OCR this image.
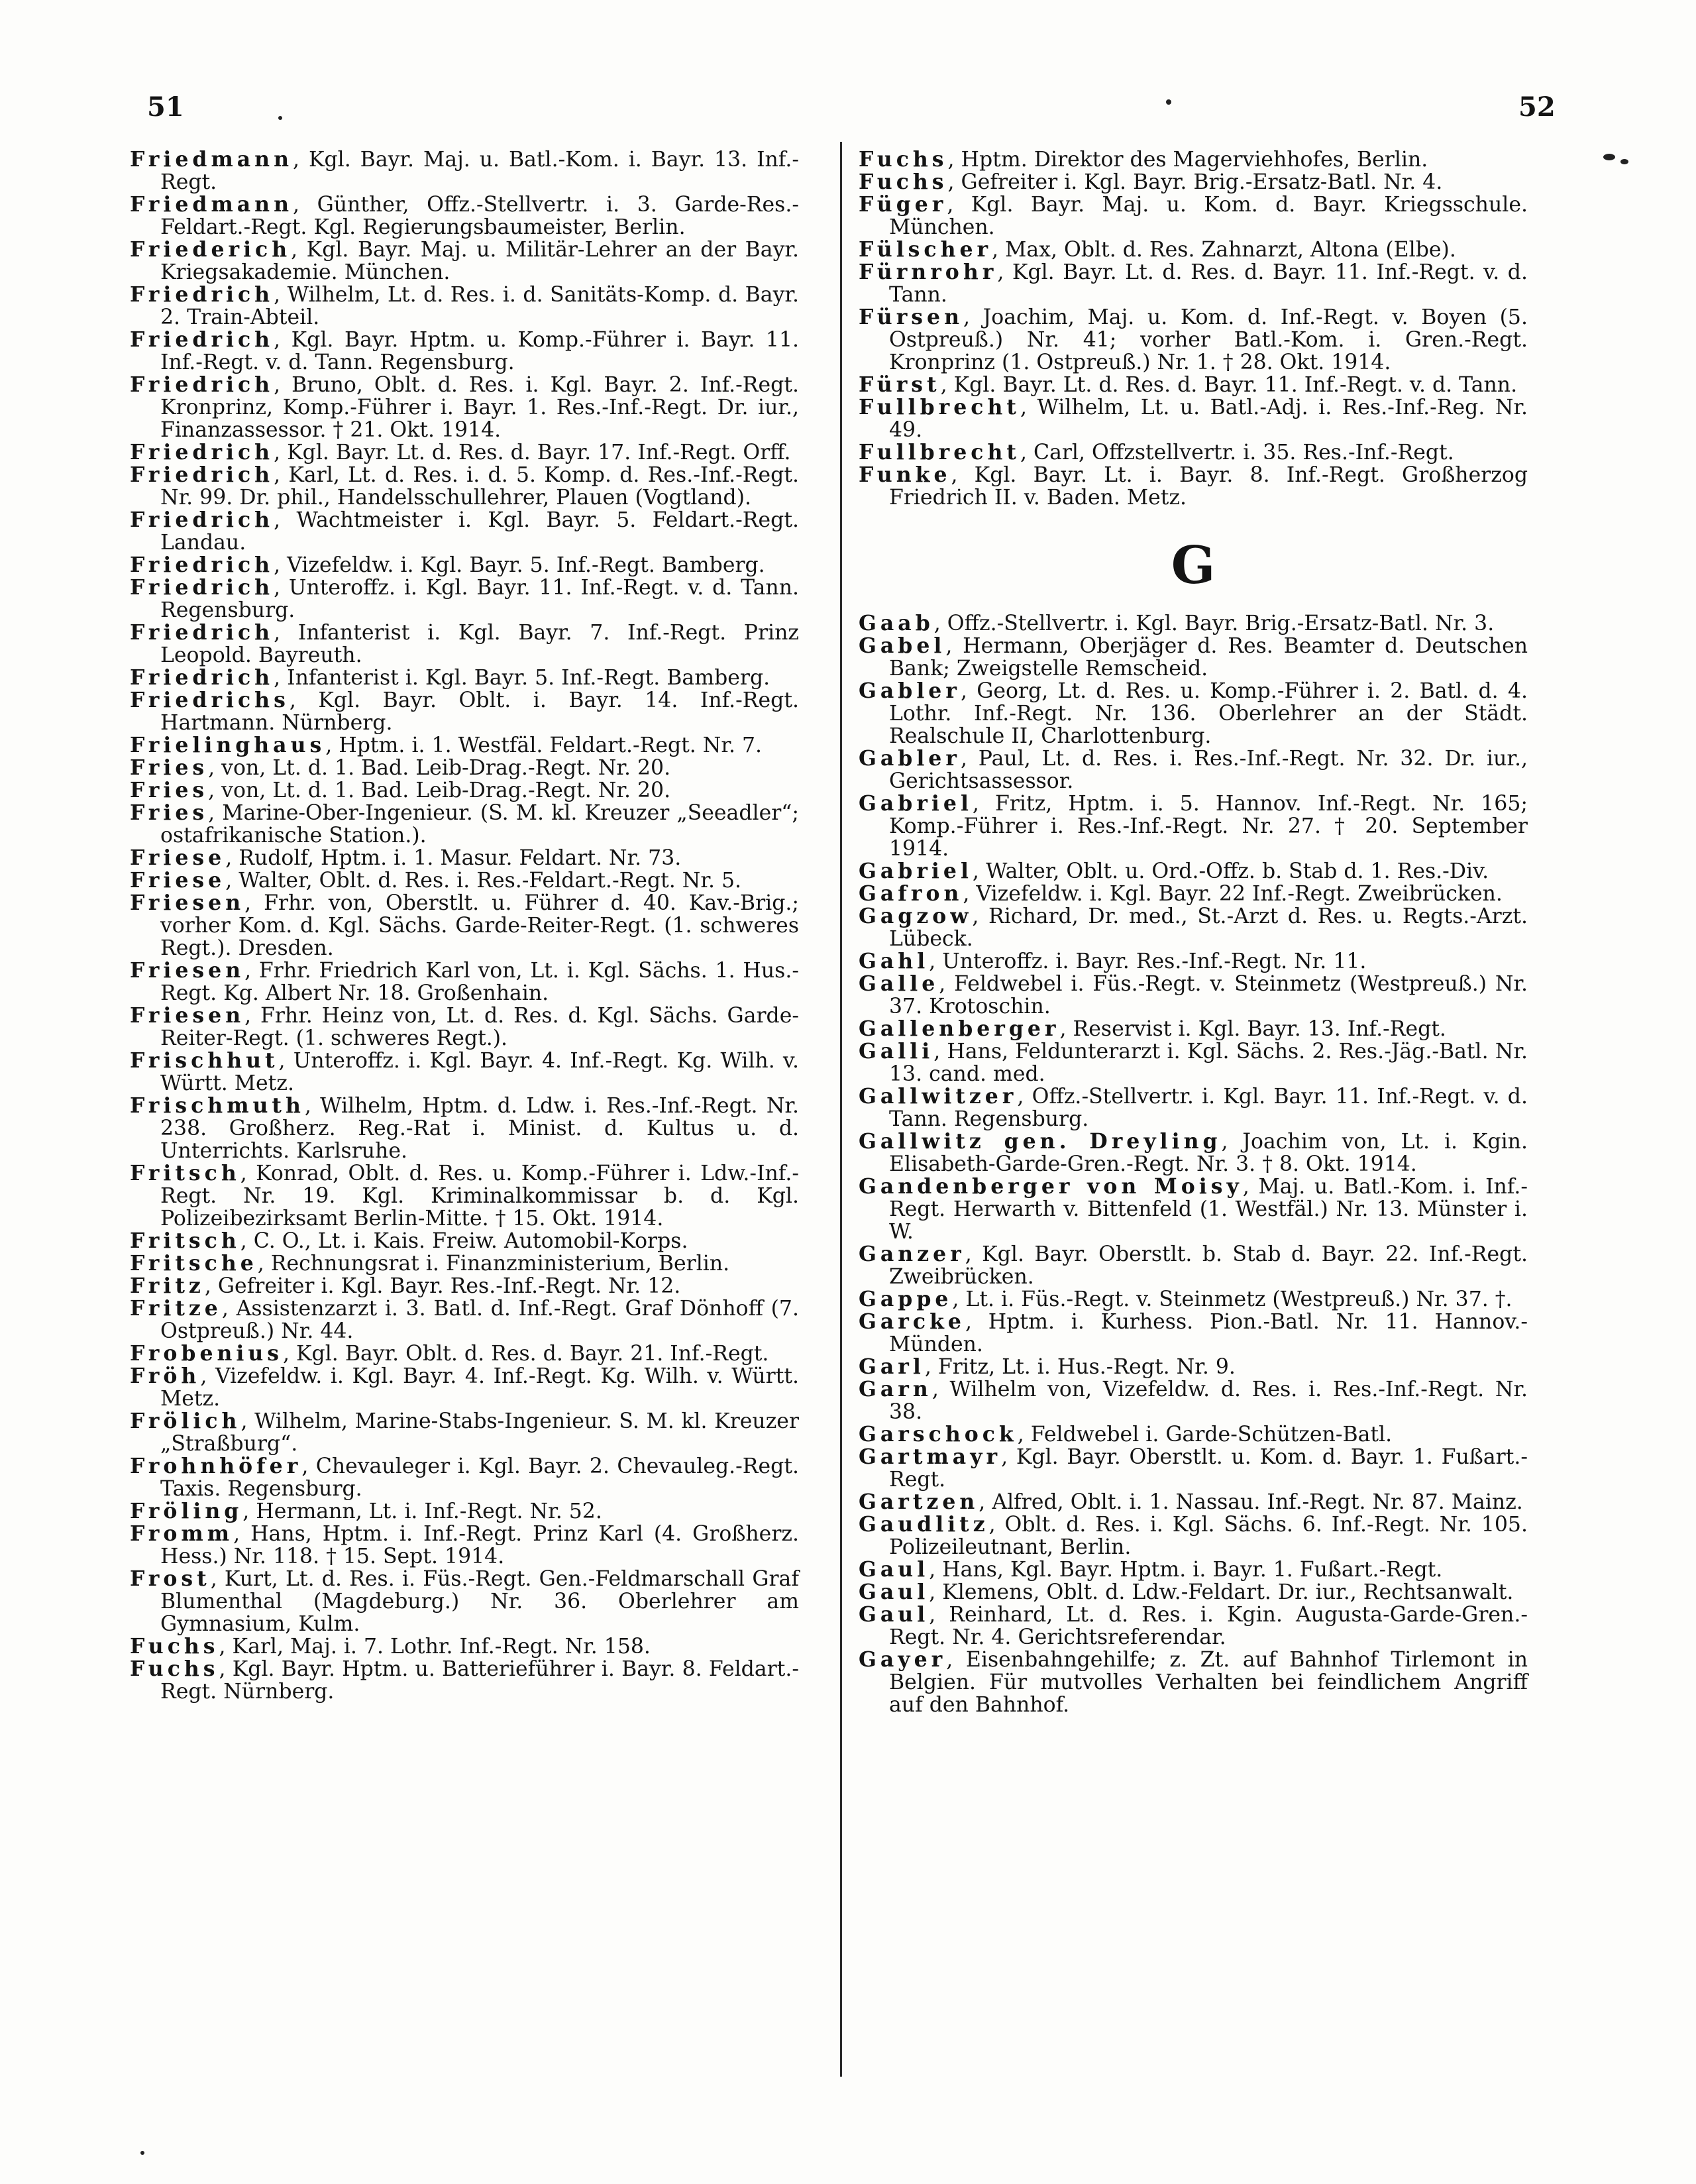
51	52

Friedmann, Kgl. Bayr. Maj. u. Batl.-Kom. i. Bayr. 13. Inf.-Regt.

Friedmann, Günther, Offz.-Stellvertr. i. 3. Garde-Res.-Feldart.-Regt. Kgl. Regierungsbaumeister, Berlin.

Friederich, Kgl. Bayr. Maj. u. Militär-Lehrer an der Bayr. Kriegsakademie. München.

Friedrich, Wilhelm, Lt. d. Res. i. d. Sanitäts-Komp. d. Bayr. 2. Train-Abteil.

Friedrich, Kgl. Bayr. Hptm. u. Komp.-Führer i. Bayr. 11. Inf.-Regt. v. d. Tann. Regensburg.

Friedrich, Bruno, Oblt. d. Res. i. Kgl. Bayr. 2. Inf.-Regt. Kronprinz, Komp.-Führer i. Bayr. 1. Res.-Inf.-Regt. Dr. iur., Finanzassessor. † 21. Okt. 1914.

Friedrich, Kgl. Bayr. Lt. d. Res. d. Bayr. 17. Inf.-Regt. Orff.

Friedrich, Karl, Lt. d. Res. i. d. 5. Komp. d. Res.-Inf.-Regt. Nr. 99. Dr. phil., Handelsschullehrer, Plauen (Vogtland).

Friedrich, Wachtmeister i. Kgl. Bayr. 5. Feldart.-Regt. Landau.

Friedrich, Vizefeldw. i. Kgl. Bayr. 5. Inf.-Regt. Bamberg.

Friedrich, Unteroffz. i. Kgl. Bayr. 11. Inf.-Regt. v. d. Tann. Regensburg.

Friedrich, Infanterist i. Kgl. Bayr. 7. Inf.-Regt. Prinz Leopold. Bayreuth.

Friedrich, Infanterist i. Kgl. Bayr. 5. Inf.-Regt. Bamberg.

Friedrichs, Kgl. Bayr. Oblt. i. Bayr. 14. Inf.-Regt. Hartmann. Nürnberg.

Frielinghaus, Hptm. i. 1. Westfäl. Feldart.-Regt. Nr. 7.

Fries, von, Lt. d. 1. Bad. Leib-Drag.-Regt. Nr. 20.

Fries, von, Lt. d. 1. Bad. Leib-Drag.-Regt. Nr. 20.

Fries, Marine-Ober-Ingenieur. (S. M. kl. Kreuzer „Seeadler“; ostafrikanische Station.).

Friese, Rudolf, Hptm. i. 1. Masur. Feldart. Nr. 73.

Friese, Walter, Oblt. d. Res. i. Res.-Feldart.-Regt. Nr. 5.

Friesen, Frhr. von, Oberstlt. u. Führer d. 40. Kav.-Brig.; vorher Kom. d. Kgl. Sächs. Garde-Reiter-Regt. (1. schweres Regt.). Dresden.

Friesen, Frhr. Friedrich Karl von, Lt. i. Kgl. Sächs. 1. Hus.-Regt. Kg. Albert Nr. 18. Großenhain.

Friesen, Frhr. Heinz von, Lt. d. Res. d. Kgl. Sächs. Garde-Reiter-Regt. (1. schweres Regt.).

Frischhut, Unteroffz. i. Kgl. Bayr. 4. Inf.-Regt. Kg. Wilh. v. Württ. Metz.

Frischmuth, Wilhelm, Hptm. d. Ldw. i. Res.-Inf.-Regt. Nr. 238. Großherz. Reg.-Rat i. Minist. d. Kultus u. d. Unterrichts. Karlsruhe.

Fritsch, Konrad, Oblt. d. Res. u. Komp.-Führer i. Ldw.-Inf.-Regt. Nr. 19. Kgl. Kriminalkommissar b. d. Kgl. Polizeibezirksamt Berlin-Mitte. † 15. Okt. 1914.

Fritsch, C. O., Lt. i. Kais. Freiw. Automobil-Korps.

Fritsche, Rechnungsrat i. Finanzministerium, Berlin.

Fritz, Gefreiter i. Kgl. Bayr. Res.-Inf.-Regt. Nr. 12.

Fritze, Assistenzarzt i. 3. Batl. d. Inf.-Regt. Graf Dönhoff (7. Ostpreuß.) Nr. 44.

Frobenius, Kgl. Bayr. Oblt. d. Res. d. Bayr. 21. Inf.-Regt.

Fröh, Vizefeldw. i. Kgl. Bayr. 4. Inf.-Regt. Kg. Wilh. v. Württ. Metz.

Frölich, Wilhelm, Marine-Stabs-Ingenieur. S. M. kl. Kreuzer „Straßburg“.

Frohnhöfer, Chevauleger i. Kgl. Bayr. 2. Chevauleg.-Regt. Taxis. Regensburg.

Fröling, Hermann, Lt. i. Inf.-Regt. Nr. 52.

Fromm, Hans, Hptm. i. Inf.-Regt. Prinz Karl (4. Großherz. Hess.) Nr. 118. † 15. Sept. 1914.

Frost, Kurt, Lt. d. Res. i. Füs.-Regt. Gen.-Feldmarschall Graf Blumenthal (Magdeburg.) Nr. 36. Oberlehrer am Gymnasium, Kulm.

Fuchs, Karl, Maj. i. 7. Lothr. Inf.-Regt. Nr. 158.

Fuchs, Kgl. Bayr. Hptm. u. Batterieführer i. Bayr. 8. Feldart.-Regt. Nürnberg.

Fuchs, Hptm. Direktor des Magerviehhofes, Berlin.

Fuchs, Gefreiter i. Kgl. Bayr. Brig.-Ersatz-Batl. Nr. 4.

Füger, Kgl. Bayr. Maj. u. Kom. d. Bayr. Kriegsschule. München.

Fülscher, Max, Oblt. d. Res. Zahnarzt, Altona (Elbe).

Fürnrohr, Kgl. Bayr. Lt. d. Res. d. Bayr. 11. Inf.-Regt. v. d. Tann.

Fürsen, Joachim, Maj. u. Kom. d. Inf.-Regt. v. Boyen (5. Ostpreuß.) Nr. 41; vorher Batl.-Kom. i. Gren.-Regt. Kronprinz (1. Ostpreuß.) Nr. 1. † 28. Okt. 1914.

Fürst, Kgl. Bayr. Lt. d. Res. d. Bayr. 11. Inf.-Regt. v. d. Tann.

Fullbrecht, Wilhelm, Lt. u. Batl.-Adj. i. Res.-Inf.-Reg. Nr. 49.

Fullbrecht, Carl, Offzstellvertr. i. 35. Res.-Inf.-Regt.

Funke, Kgl. Bayr. Lt. i. Bayr. 8. Inf.-Regt. Großherzog Friedrich II. v. Baden. Metz.

G

Gaab, Offz.-Stellvertr. i. Kgl. Bayr. Brig.-Ersatz-Batl. Nr. 3.

Gabel, Hermann, Oberjäger d. Res. Beamter d. Deutschen Bank; Zweigstelle Remscheid.

Gabler, Georg, Lt. d. Res. u. Komp.-Führer i. 2. Batl. d. 4. Lothr. Inf.-Regt. Nr. 136. Oberlehrer an der Städt. Realschule II, Charlottenburg.

Gabler, Paul, Lt. d. Res. i. Res.-Inf.-Regt. Nr. 32. Dr. iur., Gerichtsassessor.

Gabriel, Fritz, Hptm. i. 5. Hannov. Inf.-Regt. Nr. 165; Komp.-Führer i. Res.-Inf.-Regt. Nr. 27. † 20. September 1914.

Gabriel, Walter, Oblt. u. Ord.-Offz. b. Stab d. 1. Res.-Div.

Gafron, Vizefeldw. i. Kgl. Bayr. 22 Inf.-Regt. Zweibrücken.

Gagzow, Richard, Dr. med., St.-Arzt d. Res. u. Regts.-Arzt. Lübeck.

Gahl, Unteroffz. i. Bayr. Res.-Inf.-Regt. Nr. 11.

Galle, Feldwebel i. Füs.-Regt. v. Steinmetz (Westpreuß.) Nr. 37. Krotoschin.

Gallenberger, Reservist i. Kgl. Bayr. 13. Inf.-Regt.

Galli, Hans, Feldunterarzt i. Kgl. Sächs. 2. Res.-Jäg.-Batl. Nr. 13. cand. med.

Gallwitzer, Offz.-Stellvertr. i. Kgl. Bayr. 11. Inf.-Regt. v. d. Tann. Regensburg.

Gallwitz gen. Dreyling, Joachim von, Lt. i. Kgin. Elisabeth-Garde-Gren.-Regt. Nr. 3. † 8. Okt. 1914.

Gandenberger von Moisy, Maj. u. Batl.-Kom. i. Inf.-Regt. Herwarth v. Bittenfeld (1. Westfäl.) Nr. 13. Münster i. W.

Ganzer, Kgl. Bayr. Oberstlt. b. Stab d. Bayr. 22. Inf.-Regt. Zweibrücken.

Gappe, Lt. i. Füs.-Regt. v. Steinmetz (Westpreuß.) Nr. 37. †.

Garcke, Hptm. i. Kurhess. Pion.-Batl. Nr. 11. Hannov.-Münden.

Garl, Fritz, Lt. i. Hus.-Regt. Nr. 9.

Garn, Wilhelm von, Vizefeldw. d. Res. i. Res.-Inf.-Regt. Nr. 38.

Garschock, Feldwebel i. Garde-Schützen-Batl.

Gartmayr, Kgl. Bayr. Oberstlt. u. Kom. d. Bayr. 1. Fußart.-Regt.

Gartzen, Alfred, Oblt. i. 1. Nassau. Inf.-Regt. Nr. 87. Mainz.

Gaudlitz, Oblt. d. Res. i. Kgl. Sächs. 6. Inf.-Regt. Nr. 105. Polizeileutnant, Berlin.

Gaul, Hans, Kgl. Bayr. Hptm. i. Bayr. 1. Fußart.-Regt.

Gaul, Klemens, Oblt. d. Ldw.-Feldart. Dr. iur., Rechtsanwalt.

Gaul, Reinhard, Lt. d. Res. i. Kgin. Augusta-Garde-Gren.-Regt. Nr. 4. Gerichtsreferendar.

Gayer, Eisenbahngehilfe; z. Zt. auf Bahnhof Tirlemont in Belgien. Für mutvolles Verhalten bei feindlichem Angriff auf den Bahnhof.
